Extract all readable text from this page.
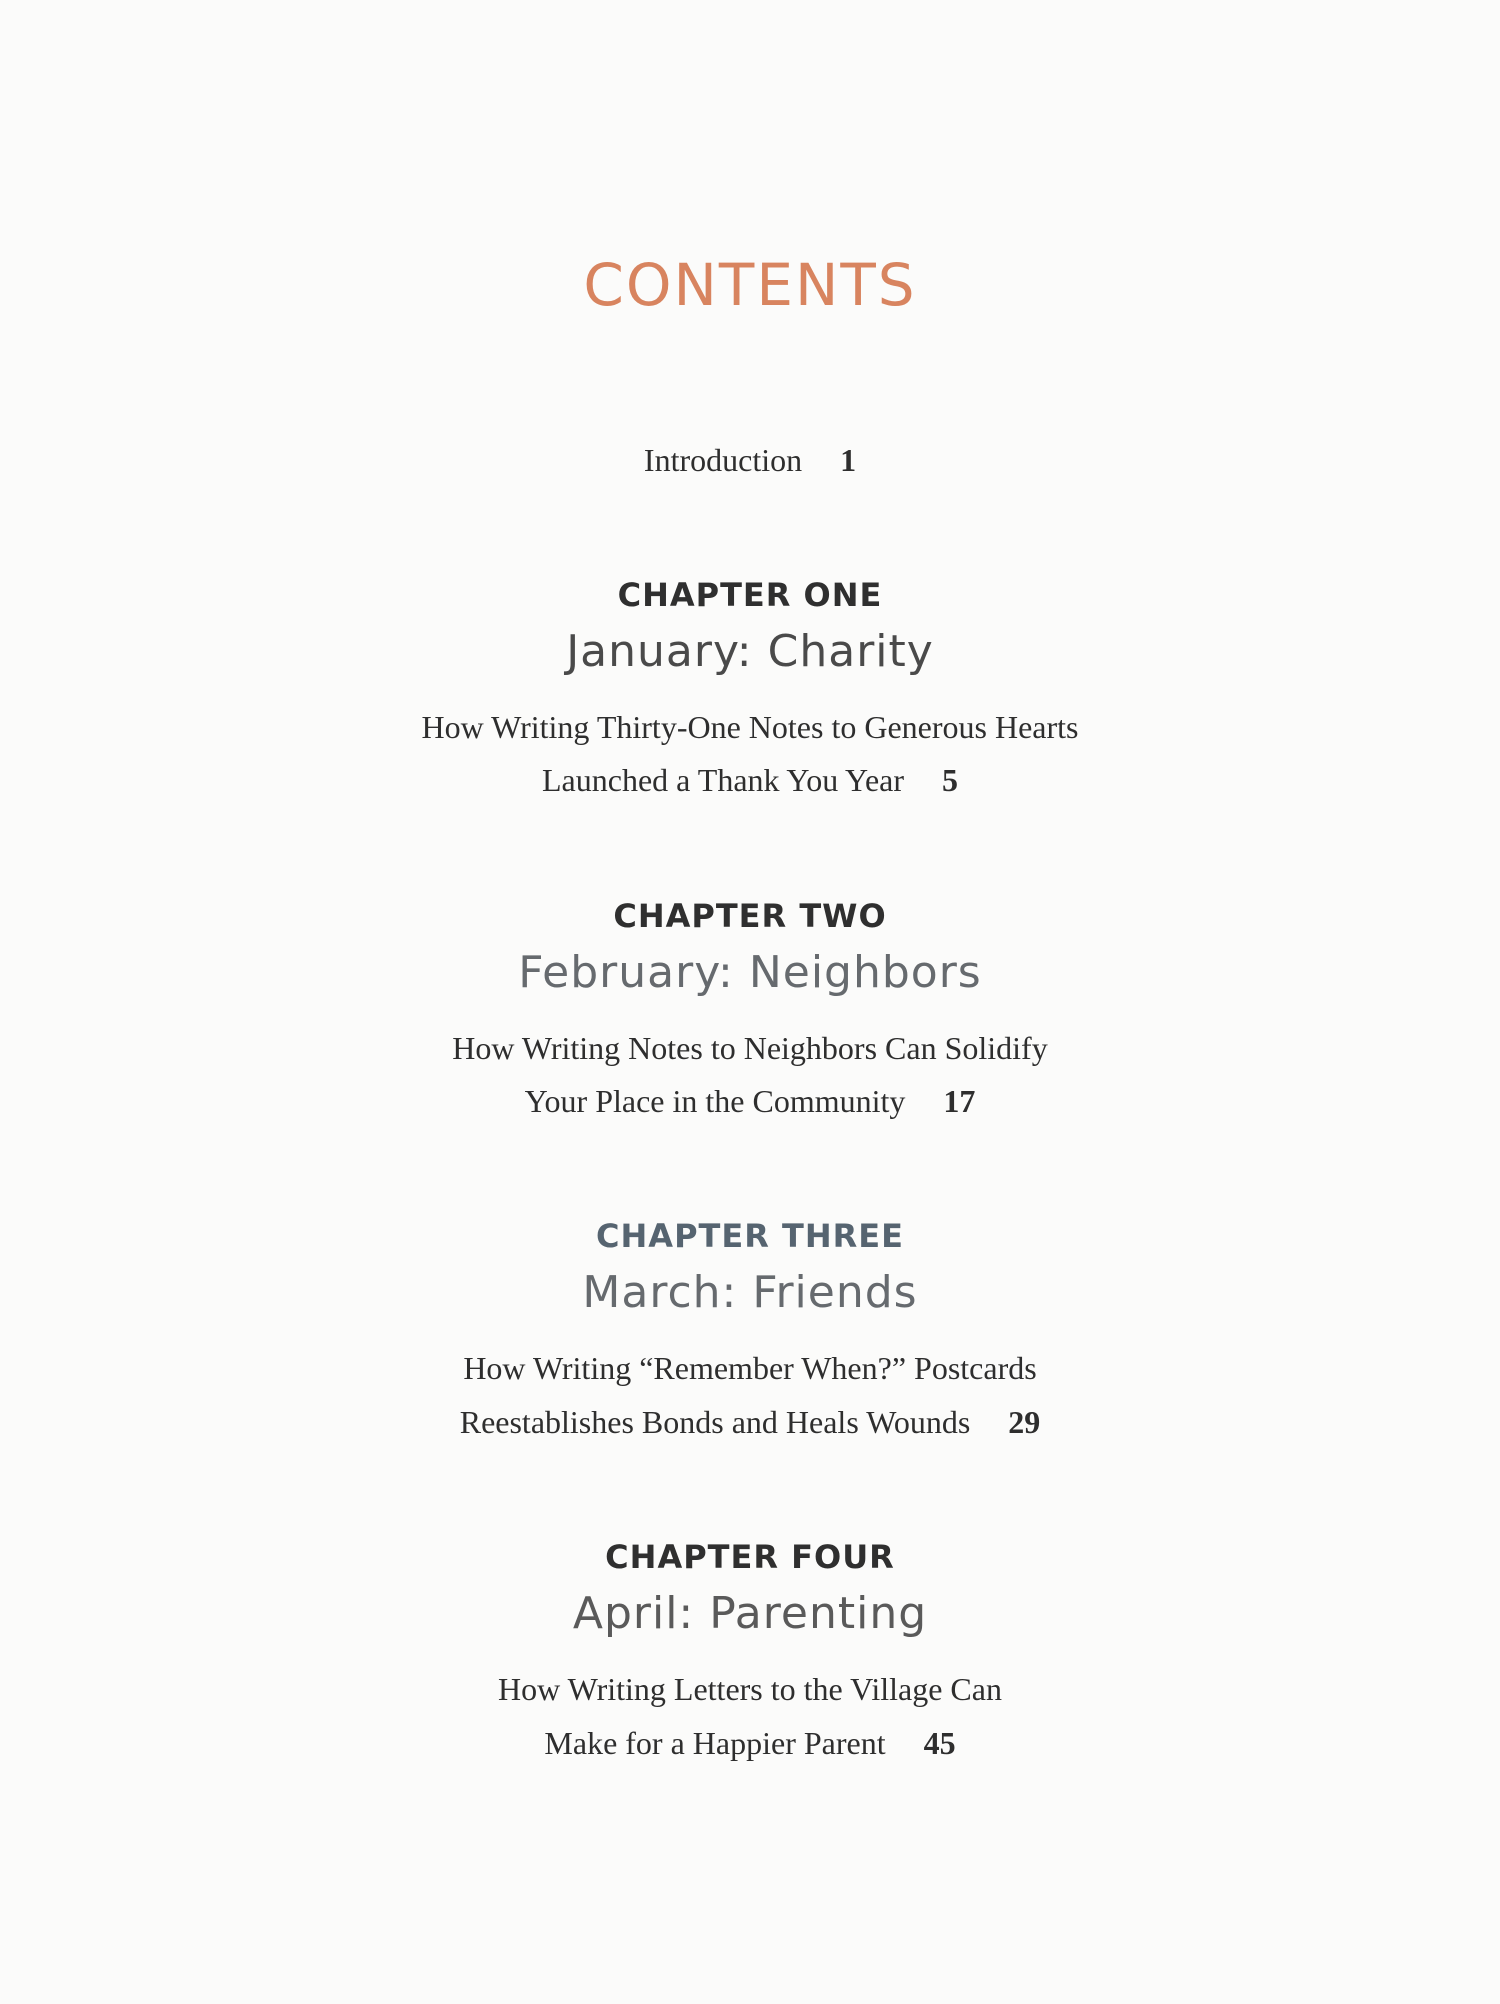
CONTENTS
Introduction 1
CHAPTER ONE
January: Charity
How Writing Thirty-One Notes to Generous Hearts
Launched a Thank You Year 5
CHAPTER TWO
February: Neighbors
How Writing Notes to Neighbors Can Solidify
Your Place in the Community 17
CHAPTER THREE
March: Friends
How Writing “Remember When?” Postcards
Reestablishes Bonds and Heals Wounds 29
CHAPTER FOUR
April: Parenting
How Writing Letters to the Village Can
Make for a Happier Parent 45
